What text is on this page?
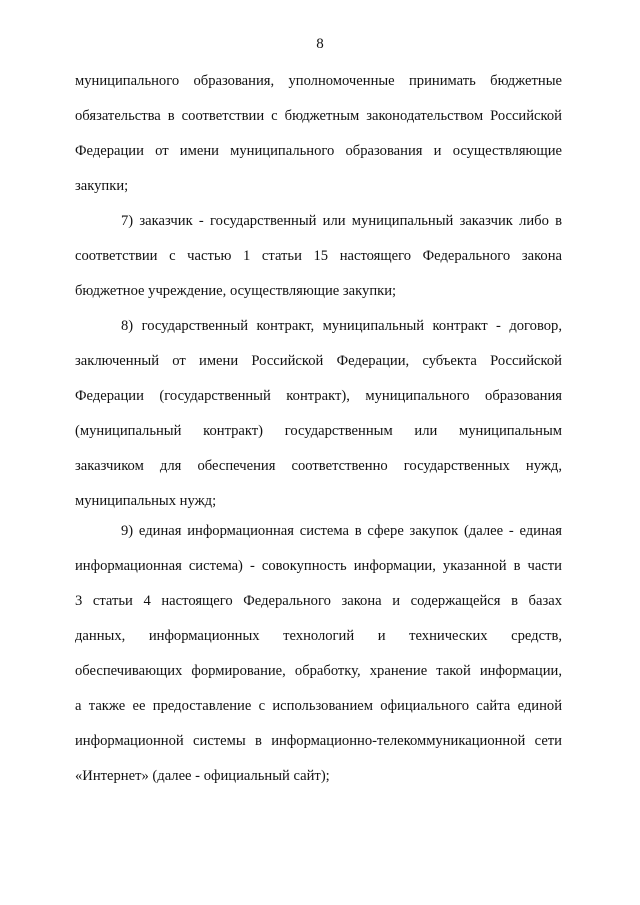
8
муниципального образования, уполномоченные принимать бюджетные
обязательства в соответствии с бюджетным законодательством Российской
Федерации от имени муниципального образования и осуществляющие
закупки;
7) заказчик - государственный или муниципальный заказчик либо в
соответствии с частью 1 статьи 15 настоящего Федерального закона
бюджетное учреждение, осуществляющие закупки;
8) государственный контракт, муниципальный контракт - договор,
заключенный от имени Российской Федерации, субъекта Российской
Федерации (государственный контракт), муниципального образования
(муниципальный контракт) государственным или муниципальным
заказчиком для обеспечения соответственно государственных нужд,
муниципальных нужд;
9) единая информационная система в сфере закупок (далее - единая
информационная система) - совокупность информации, указанной в части
3 статьи 4 настоящего Федерального закона и содержащейся в базах
данных, информационных технологий и технических средств,
обеспечивающих формирование, обработку, хранение такой информации,
а также ее предоставление с использованием официального сайта единой
информационной системы в информационно-телекоммуникационной сети
«Интернет» (далее - официальный сайт);
